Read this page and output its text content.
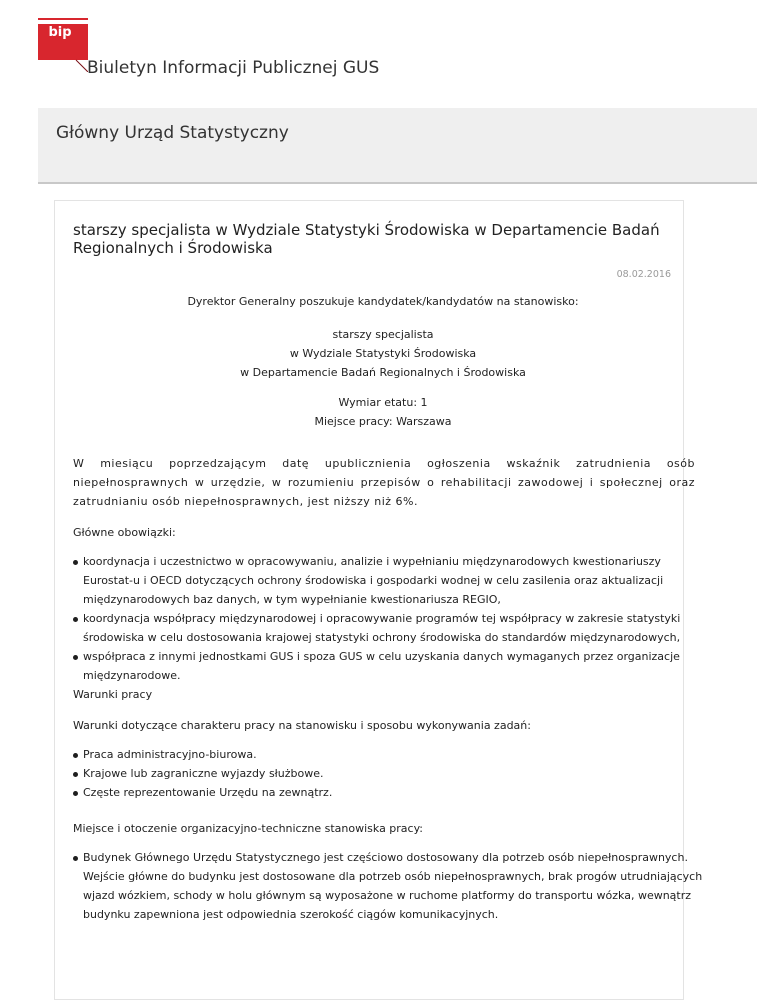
bip
Biuletyn Informacji Publicznej GUS
Główny Urząd Statystyczny
starszy specjalista w Wydziale Statystyki Środowiska w Departamencie Badań Regionalnych i Środowiska
08.02.2016

Dyrektor Generalny poszukuje kandydatek/kandydatów na stanowisko:

starszy specjalista

w Wydziale Statystyki Środowiska

w Departamencie Badań Regionalnych i Środowiska

Wymiar etatu: 1

Miejsce pracy: Warszawa

W miesiącu poprzedzającym datę upublicznienia ogłoszenia wskaźnik zatrudnienia osób niepełnosprawnych w urzędzie, w rozumieniu przepisów o rehabilitacji zawodowej i społecznej oraz zatrudnianiu osób niepełnosprawnych, jest niższy niż 6%.
Główne obowiązki:
koordynacja i uczestnictwo w opracowywaniu, analizie i wypełnianiu międzynarodowych kwestionariuszy Eurostat-u i OECD dotyczących ochrony środowiska i gospodarki wodnej w celu zasilenia oraz aktualizacji międzynarodowych baz danych, w tym wypełnianie kwestionariusza REGIO,
koordynacja współpracy międzynarodowej i opracowywanie programów tej współpracy w zakresie statystyki środowiska w celu dostosowania krajowej statystyki ochrony środowiska do standardów międzynarodowych,
współpraca z innymi jednostkami GUS i spoza GUS w celu uzyskania danych wymaganych przez organizacje międzynarodowe.
Warunki pracy
Warunki dotyczące charakteru pracy na stanowisku i sposobu wykonywania zadań:
Praca administracyjno-biurowa.
Krajowe lub zagraniczne wyjazdy służbowe.
Częste reprezentowanie Urzędu na zewnątrz.
Miejsce i otoczenie organizacyjno-techniczne stanowiska pracy:
Budynek Głównego Urzędu Statystycznego jest częściowo dostosowany dla potrzeb osób niepełnosprawnych. Wejście główne do budynku jest dostosowane dla potrzeb osób niepełnosprawnych, brak progów utrudniających wjazd wózkiem, schody w holu głównym są wyposażone w ruchome platformy do transportu wózka, wewnątrz budynku zapewniona jest odpowiednia szerokość ciągów komunikacyjnych.
